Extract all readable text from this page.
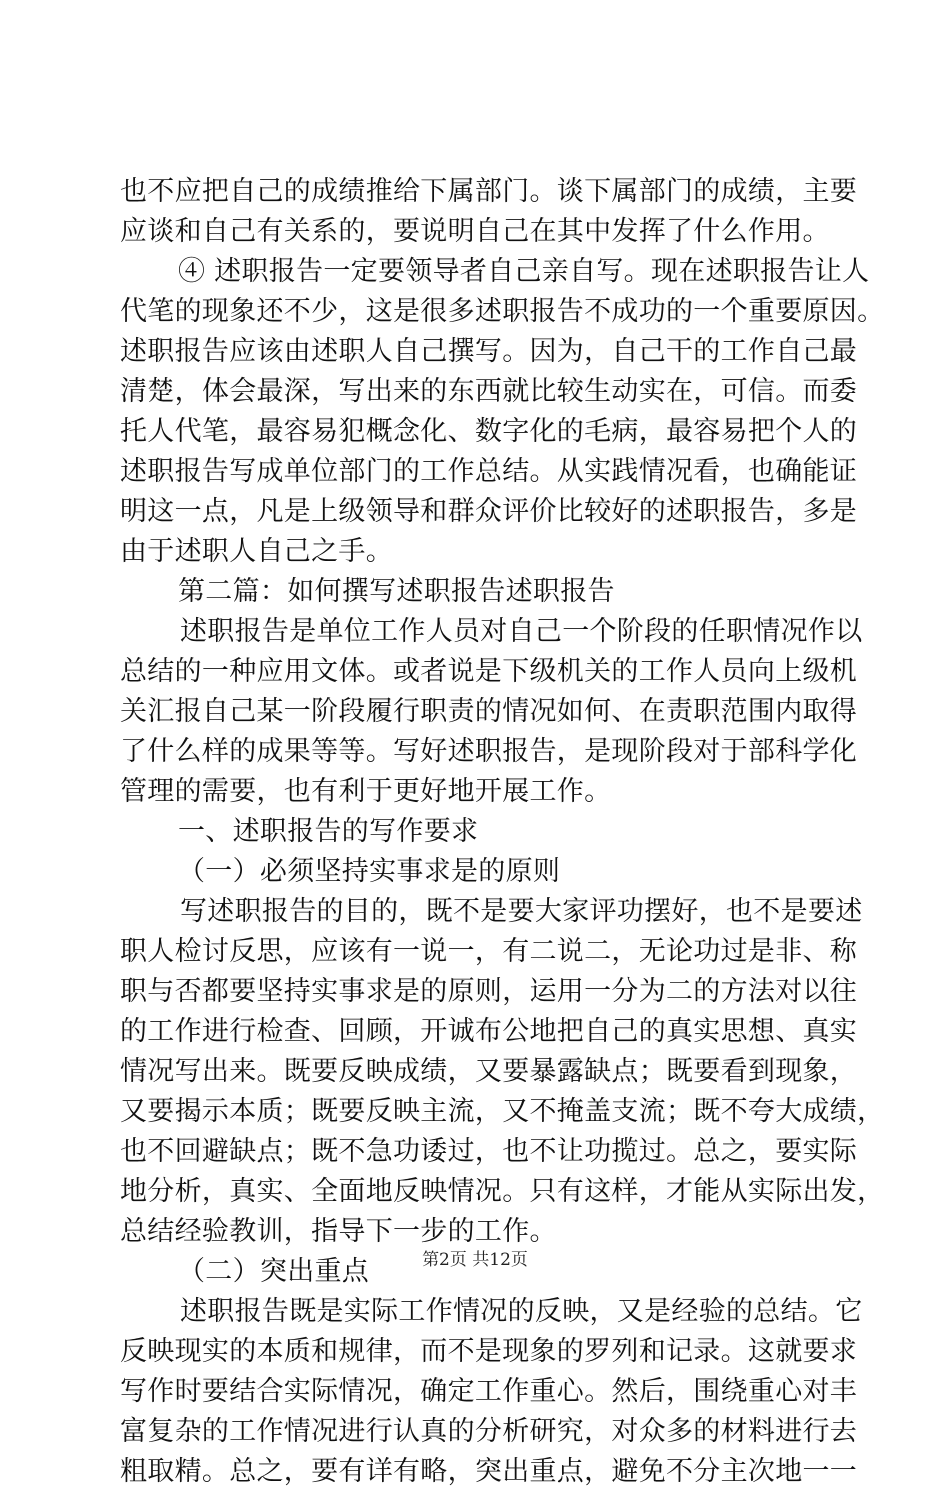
也不应把自己的成绩推给下属部门。谈下属部门的成绩，主要
应谈和自己有关系的，要说明自己在其中发挥了什么作用。
④ 述职报告一定要领导者自己亲自写。现在述职报告让人
代笔的现象还不少，这是很多述职报告不成功的一个重要原因。
述职报告应该由述职人自己撰写。因为，自己干的工作自己最
清楚，体会最深，写出来的东西就比较生动实在，可信。而委
托人代笔，最容易犯概念化、数字化的毛病，最容易把个人的
述职报告写成单位部门的工作总结。从实践情况看，也确能证
明这一点，凡是上级领导和群众评价比较好的述职报告，多是
由于述职人自己之手。
第二篇：如何撰写述职报告述职报告
述职报告是单位工作人员对自己一个阶段的任职情况作以
总结的一种应用文体。或者说是下级机关的工作人员向上级机
关汇报自己某一阶段履行职责的情况如何、在责职范围内取得
了什么样的成果等等。写好述职报告，是现阶段对于部科学化
管理的需要，也有利于更好地开展工作。
一、述职报告的写作要求
（一）必须坚持实事求是的原则
写述职报告的目的，既不是要大家评功摆好，也不是要述
职人检讨反思，应该有一说一，有二说二，无论功过是非、称
职与否都要坚持实事求是的原则，运用一分为二的方法对以往
的工作进行检查、回顾，开诚布公地把自己的真实思想、真实
情况写出来。既要反映成绩，又要暴露缺点；既要看到现象，
又要揭示本质；既要反映主流，又不掩盖支流；既不夸大成绩，
也不回避缺点；既不急功诿过，也不让功揽过。总之，要实际
地分析，真实、全面地反映情况。只有这样，才能从实际出发，
总结经验教训，指导下一步的工作。
（二）突出重点
述职报告既是实际工作情况的反映，又是经验的总结。它
反映现实的本质和规律，而不是现象的罗列和记录。这就要求
写作时要结合实际情况，确定工作重心。然后，围绕重心对丰
富复杂的工作情况进行认真的分析研究，对众多的材料进行去
粗取精。总之，要有详有略，突出重点，避免不分主次地一一
第2页 共12页
